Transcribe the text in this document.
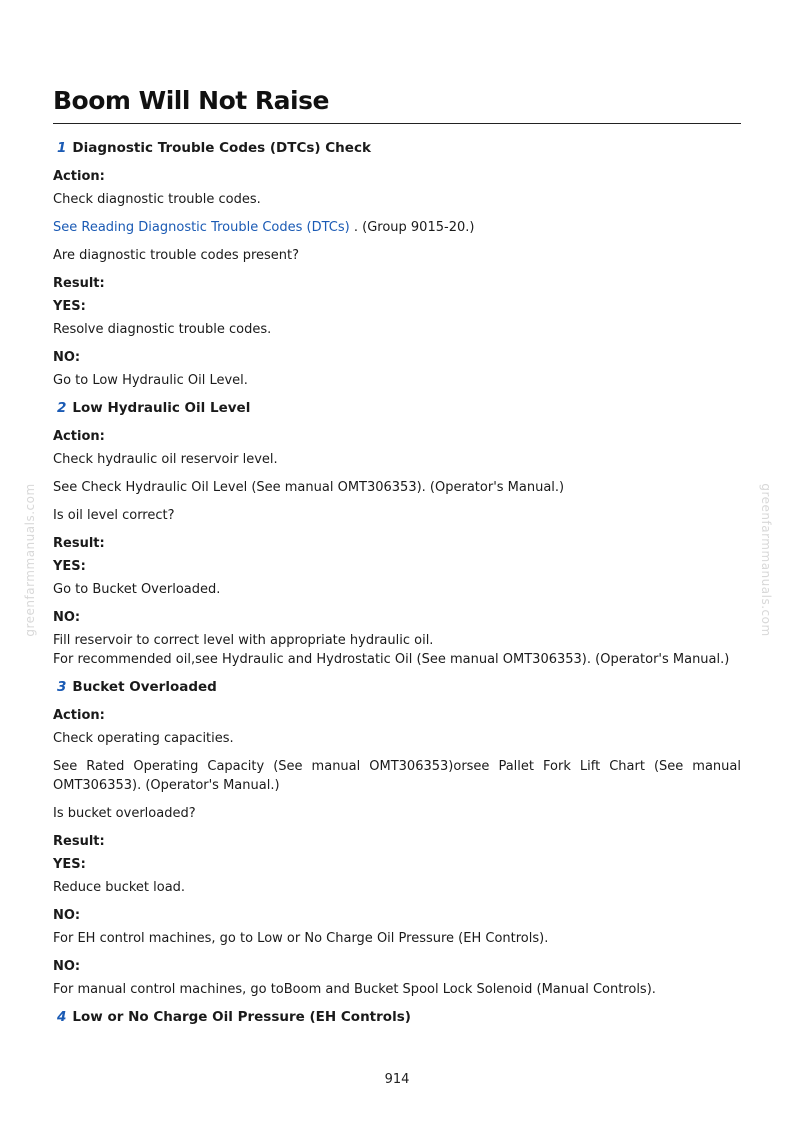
Boom Will Not Raise
greenfarmmanuals.com	greenfarmmanuals.com
1 Diagnostic Trouble Codes (DTCs) Check
Action:
Check diagnostic trouble codes.
See Reading Diagnostic Trouble Codes (DTCs) . (Group 9015-20.)
Are diagnostic trouble codes present?
Result:
YES:
Resolve diagnostic trouble codes.
NO:
Go to Low Hydraulic Oil Level.
2 Low Hydraulic Oil Level
Action:
Check hydraulic oil reservoir level.
See Check Hydraulic Oil Level (See manual OMT306353). (Operator's Manual.)
Is oil level correct?
Result:
YES:
Go to Bucket Overloaded.
NO:
Fill reservoir to correct level with appropriate hydraulic oil.
For recommended oil,see Hydraulic and Hydrostatic Oil (See manual OMT306353). (Operator's Manual.)
3 Bucket Overloaded
Action:
Check operating capacities.
See Rated Operating Capacity (See manual OMT306353)orsee Pallet Fork Lift Chart (See manual OMT306353). (Operator's Manual.)
Is bucket overloaded?
Result:
YES:
Reduce bucket load.
NO:
For EH control machines, go to Low or No Charge Oil Pressure (EH Controls).
NO:
For manual control machines, go toBoom and Bucket Spool Lock Solenoid (Manual Controls).
4 Low or No Charge Oil Pressure (EH Controls)
914
